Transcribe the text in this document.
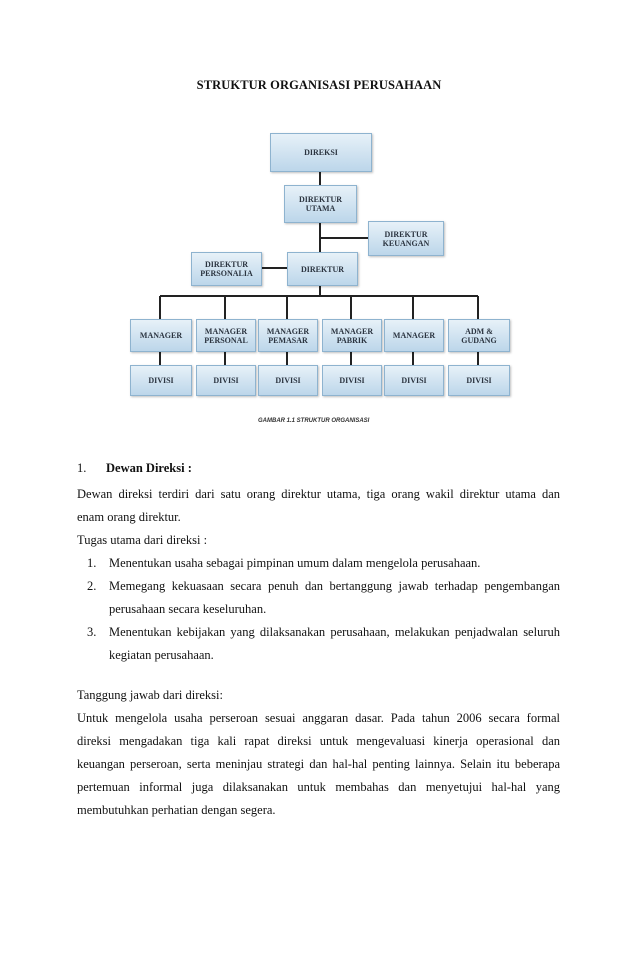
STRUKTUR ORGANISASI PERUSAHAAN
DIREKSI
DIREKTUR
UTAMA
DIREKTUR
KEUANGAN
DIREKTUR
PERSONALIA	DIREKTUR
MANAGER	MANAGER
PERSONAL
MANAGER
PEMASAR
MANAGER
PABRIK	MANAGER	ADM &
GUDANG
DIVISI	DIVISI	DIVISI	DIVISI	DIVISI	DIVISI
GAMBAR 1.1 STRUKTUR ORGANISASI
1. Dewan Direksi :
Dewan direksi terdiri dari satu orang direktur utama, tiga orang wakil direktur utama dan
enam orang direktur.
Tugas utama dari direksi :
1. Menentukan usaha sebagai pimpinan umum dalam mengelola perusahaan.
2. Memegang kekuasaan secara penuh dan bertanggung jawab terhadap pengembangan
perusahaan secara keseluruhan.
3. Menentukan kebijakan yang dilaksanakan perusahaan, melakukan penjadwalan seluruh
kegiatan perusahaan.
Tanggung jawab dari direksi:
Untuk mengelola usaha perseroan sesuai anggaran dasar. Pada tahun 2006 secara formal
direksi mengadakan tiga kali rapat direksi untuk mengevaluasi kinerja operasional dan
keuangan perseroan, serta meninjau strategi dan hal-hal penting lainnya. Selain itu beberapa
pertemuan informal juga dilaksanakan untuk membahas dan menyetujui hal-hal yang
membutuhkan perhatian dengan segera.
